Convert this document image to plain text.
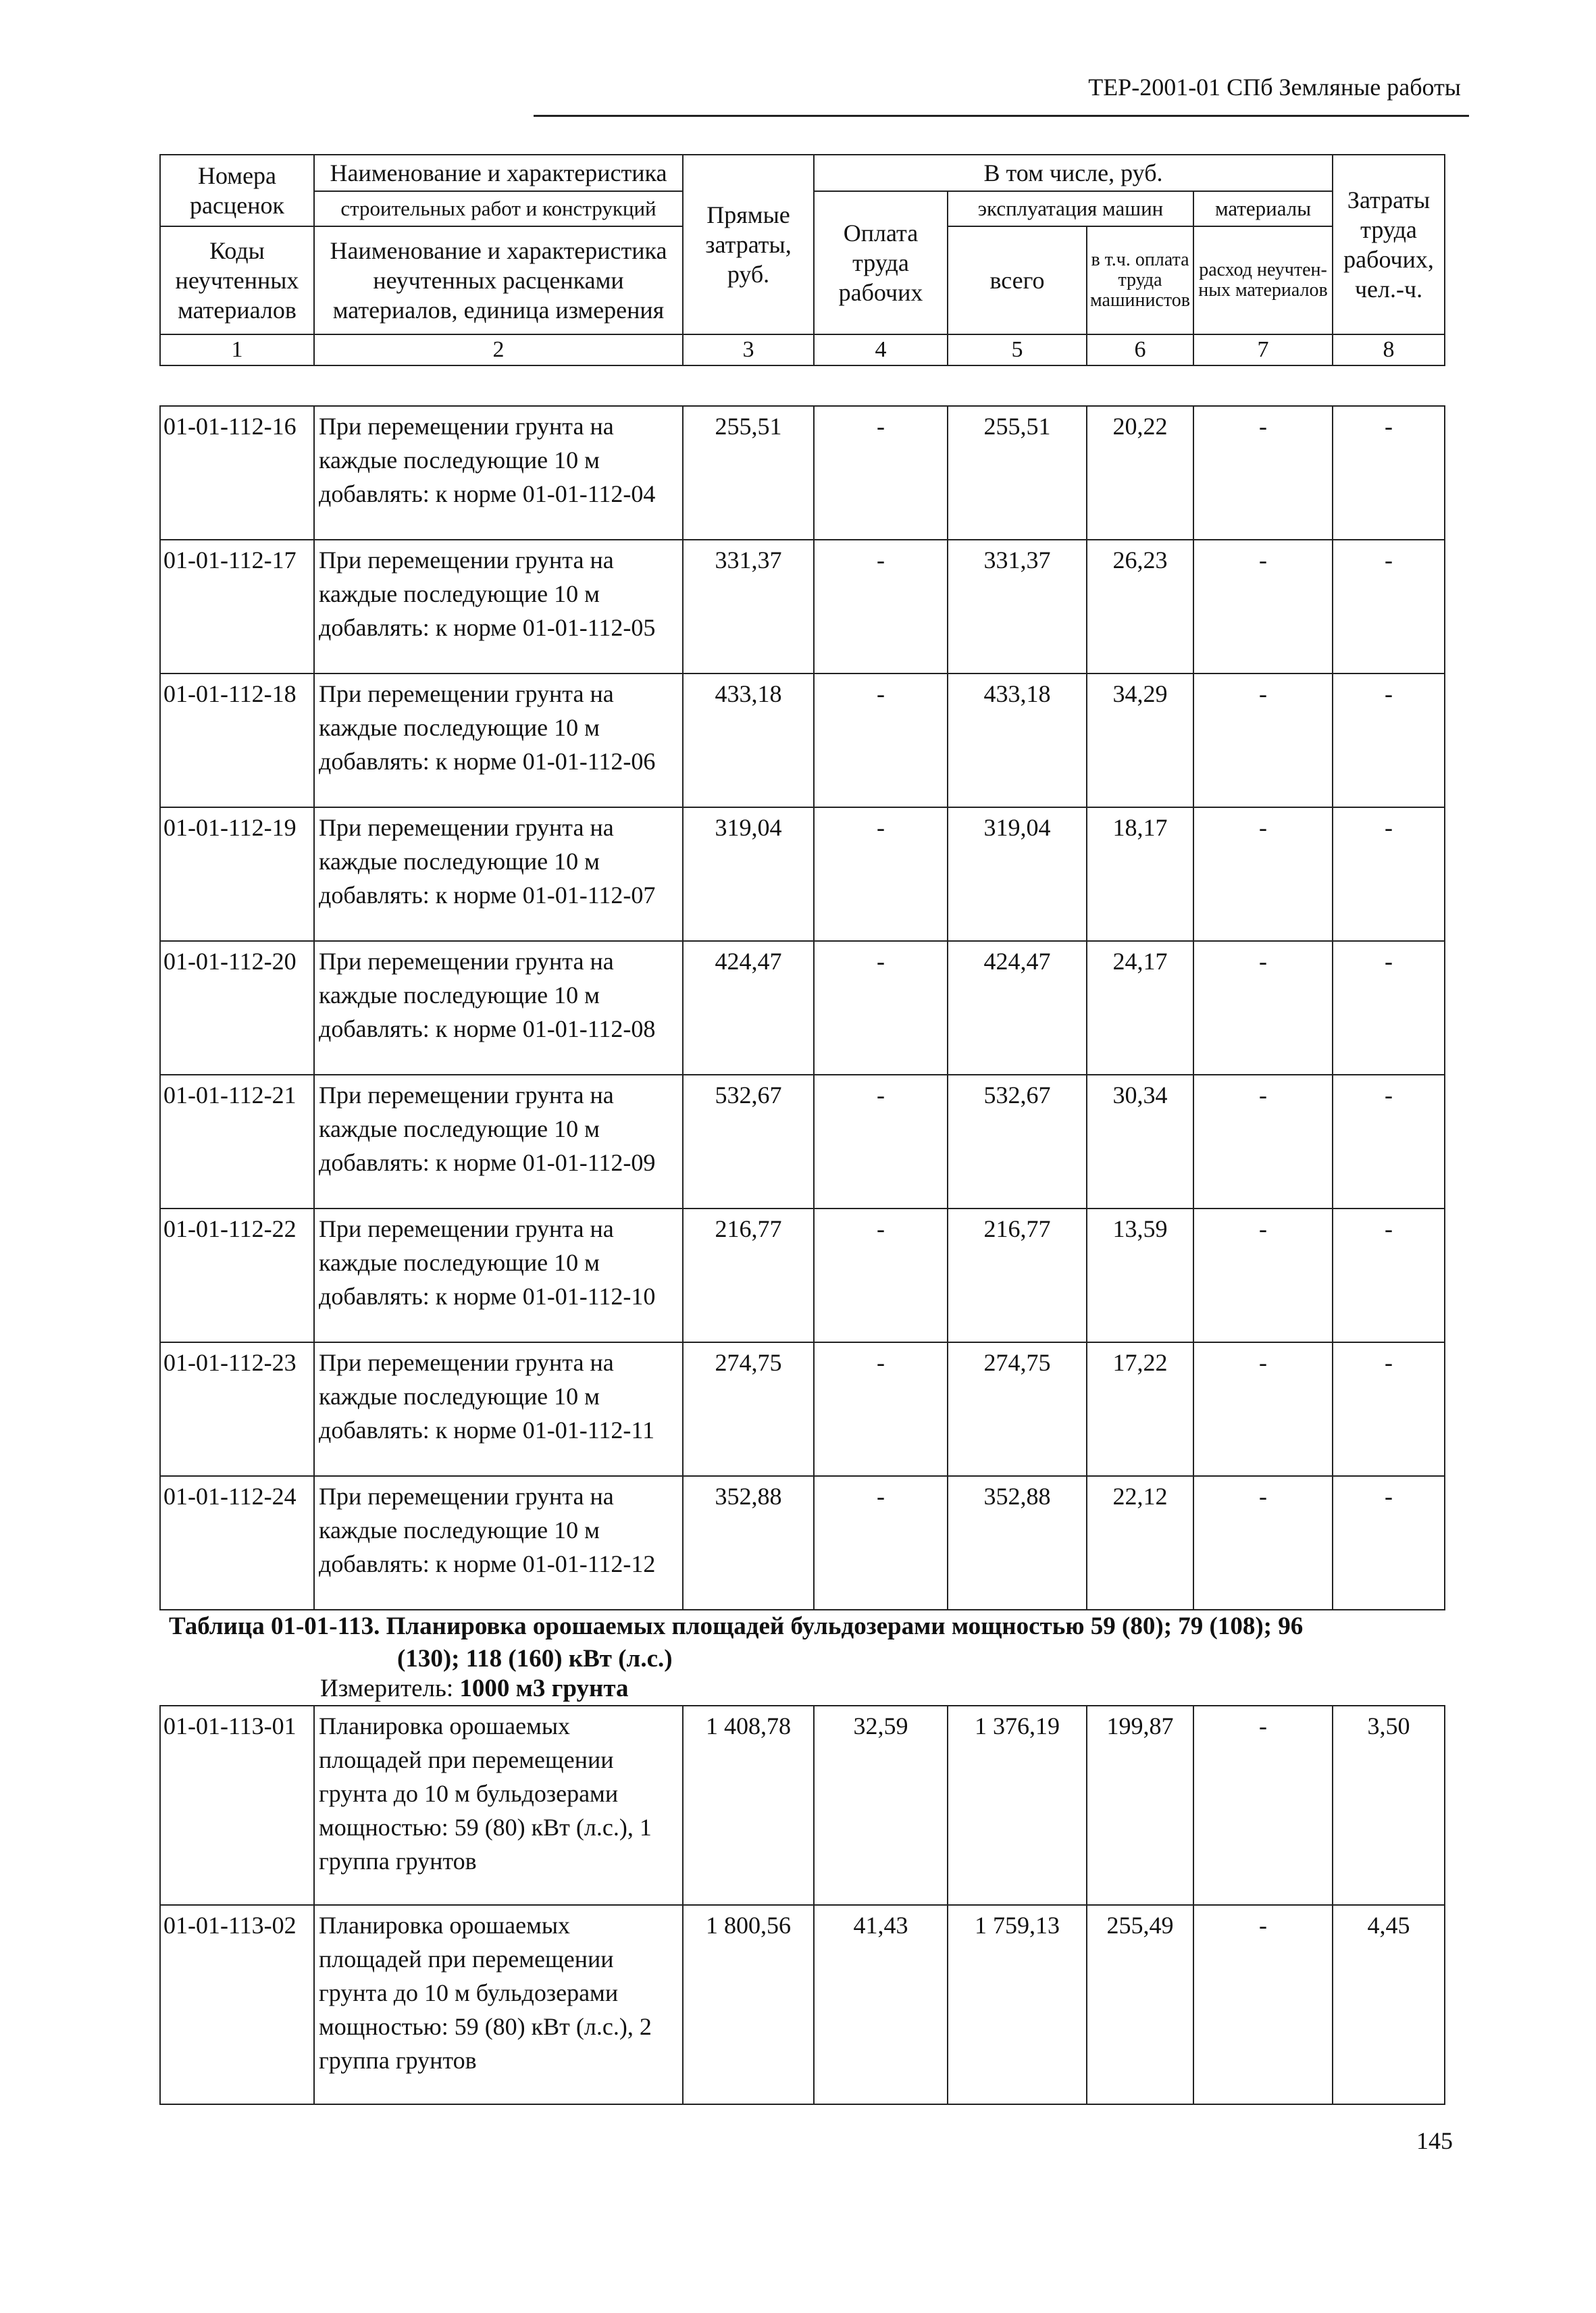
ТЕР-2001-01 СПб Земляные работы
Номера расценок	Наименование и характеристика	Прямые затраты, руб.	В том числе, руб.				Затраты труда рабочих, чел.-ч.
	строительных работ и конструкций		Оплата труда рабочих	эксплуатация машин		материалы	
Коды неучтенных материалов	Наименование и характеристика неучтенных расценками материалов, единица измерения			всего	в т.ч. оплата труда машинистов	расход неучтен-ных материалов	

1	2	3	4	5	6	7	8
01-01-112-16	При перемещении грунта на каждые последующие 10 м добавлять: к норме 01-01-112-04	255,51	-	255,51	20,22	-	-
01-01-112-17	При перемещении грунта на каждые последующие 10 м добавлять: к норме 01-01-112-05	331,37	-	331,37	26,23	-	-
01-01-112-18	При перемещении грунта на каждые последующие 10 м добавлять: к норме 01-01-112-06	433,18	-	433,18	34,29	-	-
01-01-112-19	При перемещении грунта на каждые последующие 10 м добавлять: к норме 01-01-112-07	319,04	-	319,04	18,17	-	-
01-01-112-20	При перемещении грунта на каждые последующие 10 м добавлять: к норме 01-01-112-08	424,47	-	424,47	24,17	-	-
01-01-112-21	При перемещении грунта на каждые последующие 10 м добавлять: к норме 01-01-112-09	532,67	-	532,67	30,34	-	-
01-01-112-22	При перемещении грунта на каждые последующие 10 м добавлять: к норме 01-01-112-10	216,77	-	216,77	13,59	-	-
01-01-112-23	При перемещении грунта на каждые последующие 10 м добавлять: к норме 01-01-112-11	274,75	-	274,75	17,22	-	-
01-01-112-24	При перемещении грунта на каждые последующие 10 м добавлять: к норме 01-01-112-12	352,88	-	352,88	22,12	-	-
Таблица 01-01-113. Планировка орошаемых площадей бульдозерами мощностью 59 (80); 79 (108); 96
(130); 118 (160) кВт (л.с.)
Измеритель: 1000 м3 грунта
01-01-113-01	Планировка орошаемых площадей при перемещении грунта до 10 м бульдозерами мощностью: 59 (80) кВт (л.с.), 1 группа грунтов	1 408,78	32,59	1 376,19	199,87	-	3,50
01-01-113-02	Планировка орошаемых площадей при перемещении грунта до 10 м бульдозерами мощностью: 59 (80) кВт (л.с.), 2 группа грунтов	1 800,56	41,43	1 759,13	255,49	-	4,45
145
